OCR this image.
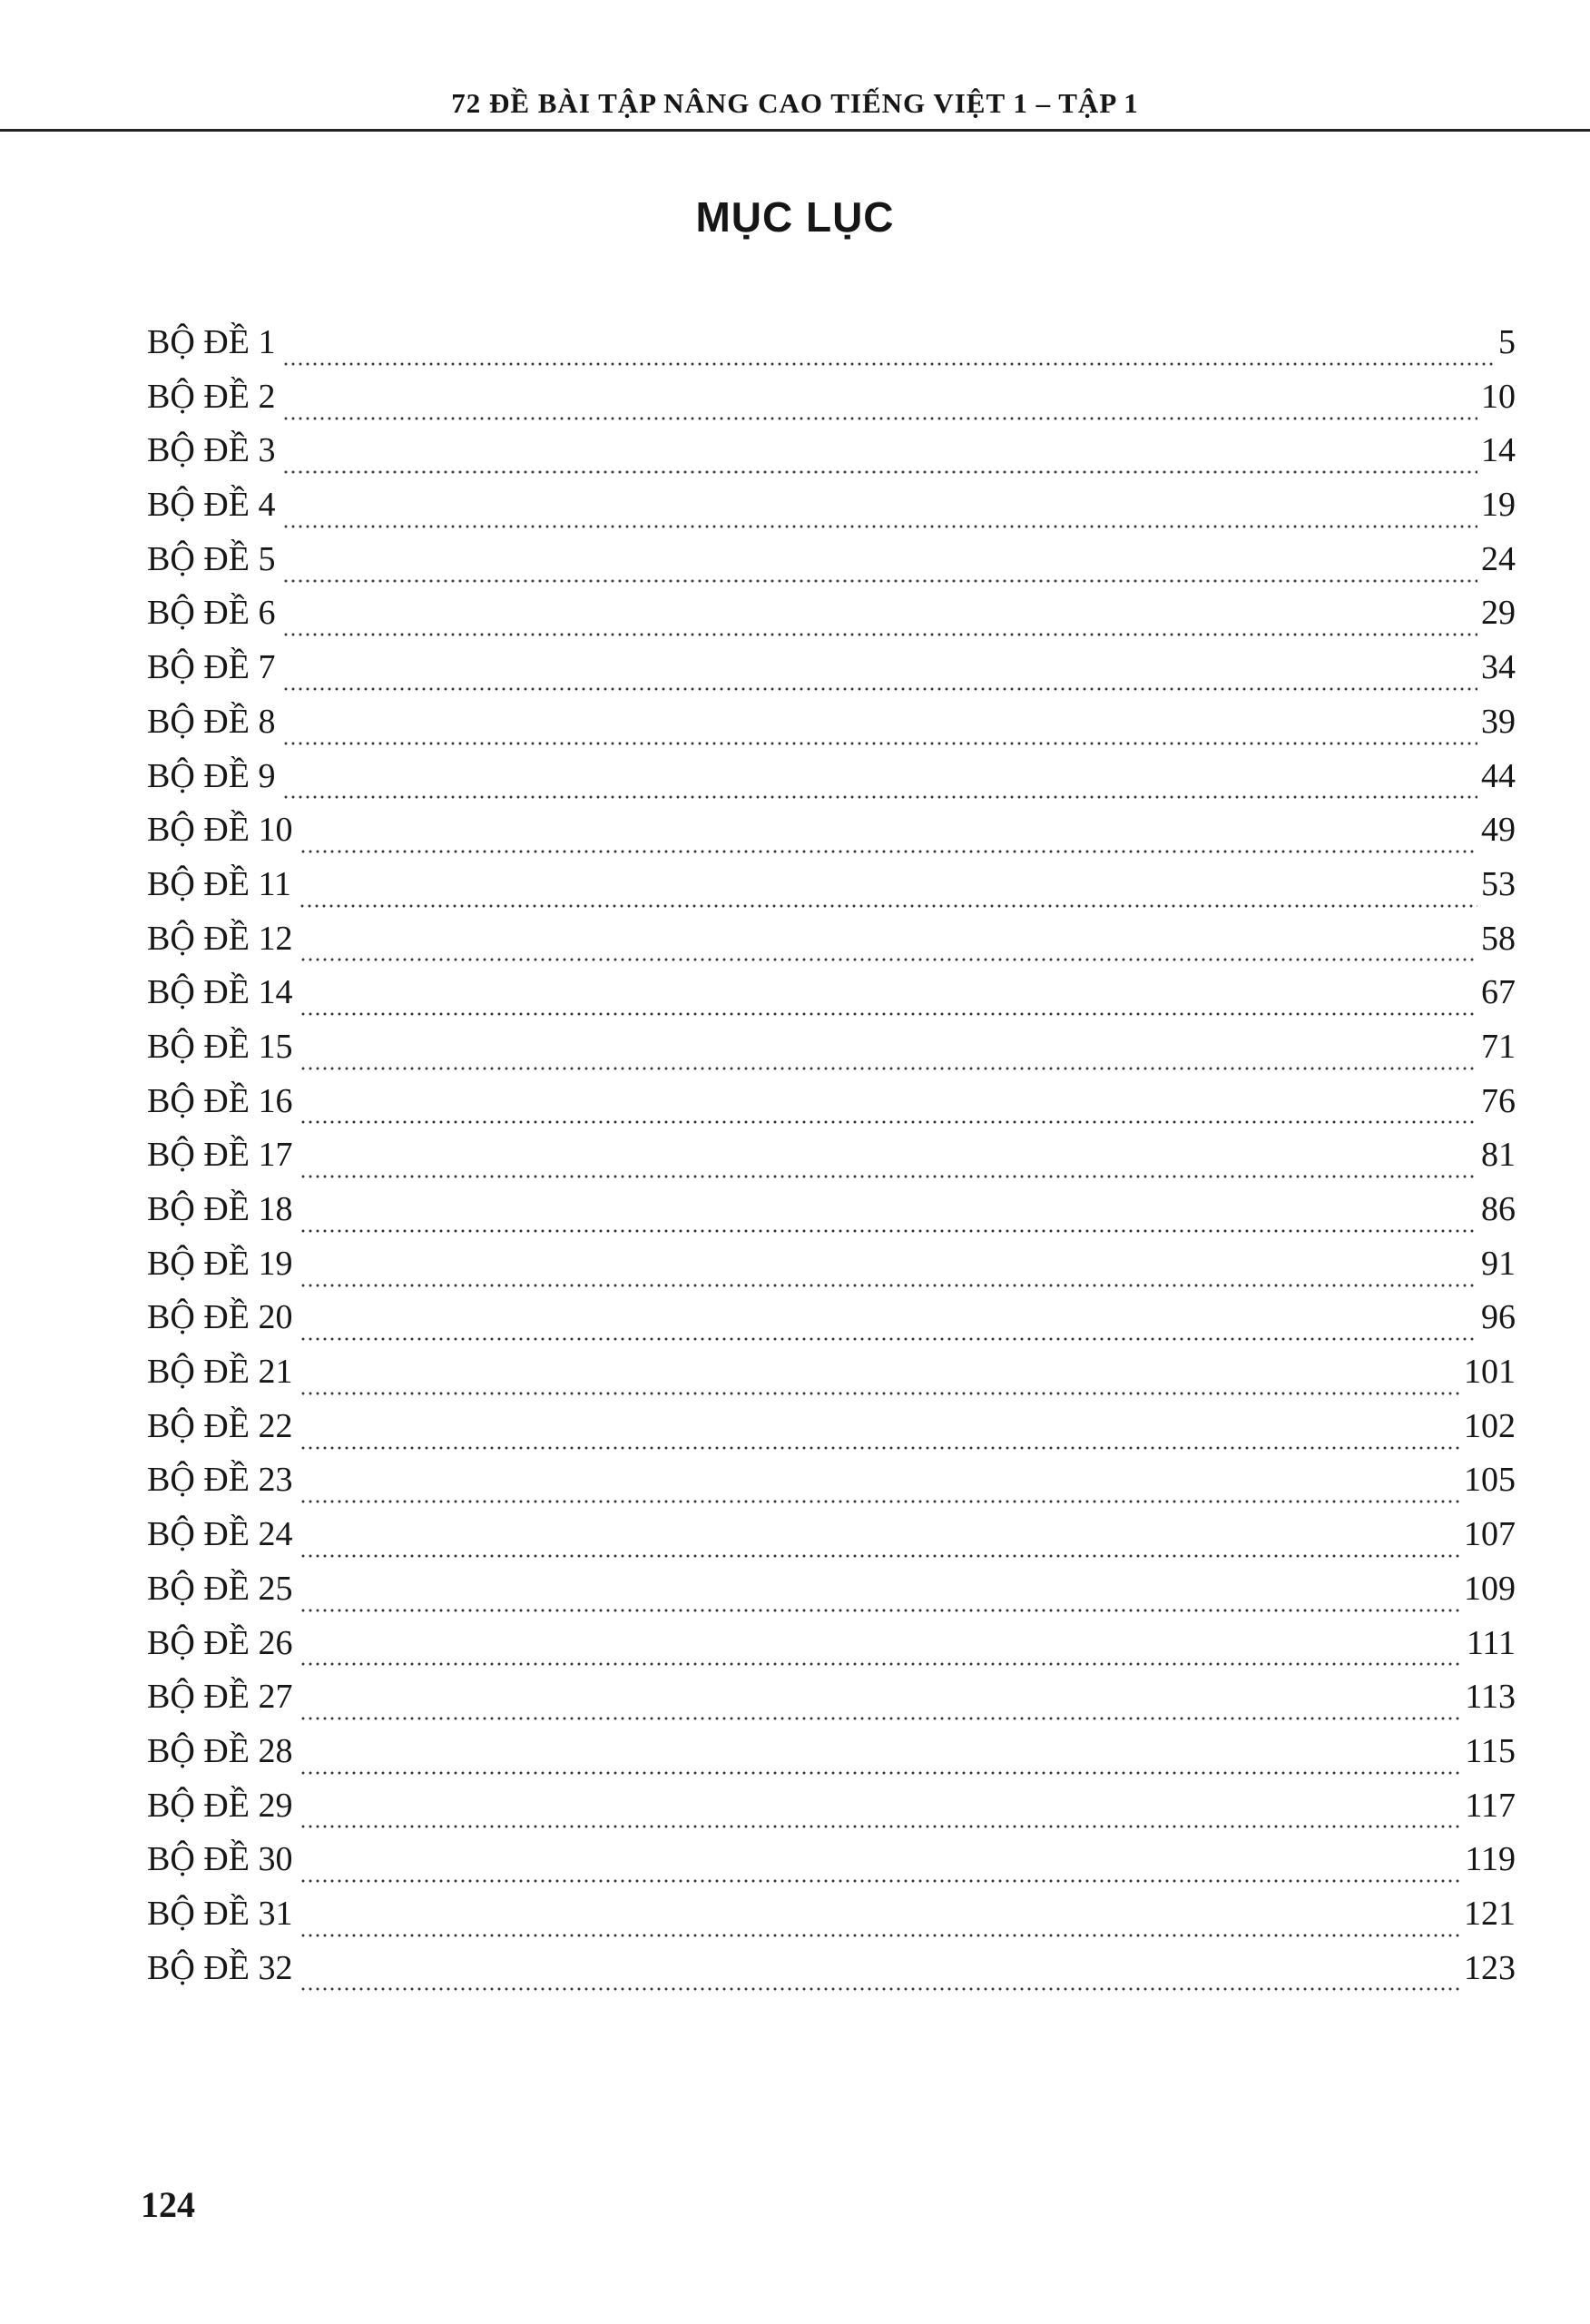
72 ĐỀ BÀI TẬP NÂNG CAO TIẾNG VIỆT 1 – TẬP 1
MỤC LỤC
BỘ ĐỀ 1	5
BỘ ĐỀ 2	10
BỘ ĐỀ 3	14
BỘ ĐỀ 4	19
BỘ ĐỀ 5	24
BỘ ĐỀ 6	29
BỘ ĐỀ 7	34
BỘ ĐỀ 8	39
BỘ ĐỀ 9	44
BỘ ĐỀ 10	49
BỘ ĐỀ 11	53
BỘ ĐỀ 12	58
BỘ ĐỀ 14	67
BỘ ĐỀ 15	71
BỘ ĐỀ 16	76
BỘ ĐỀ 17	81
BỘ ĐỀ 18	86
BỘ ĐỀ 19	91
BỘ ĐỀ 20	96
BỘ ĐỀ 21	101
BỘ ĐỀ 22	102
BỘ ĐỀ 23	105
BỘ ĐỀ 24	107
BỘ ĐỀ 25	109
BỘ ĐỀ 26	111
BỘ ĐỀ 27	113
BỘ ĐỀ 28	115
BỘ ĐỀ 29	117
BỘ ĐỀ 30	119
BỘ ĐỀ 31	121
BỘ ĐỀ 32	123
124
